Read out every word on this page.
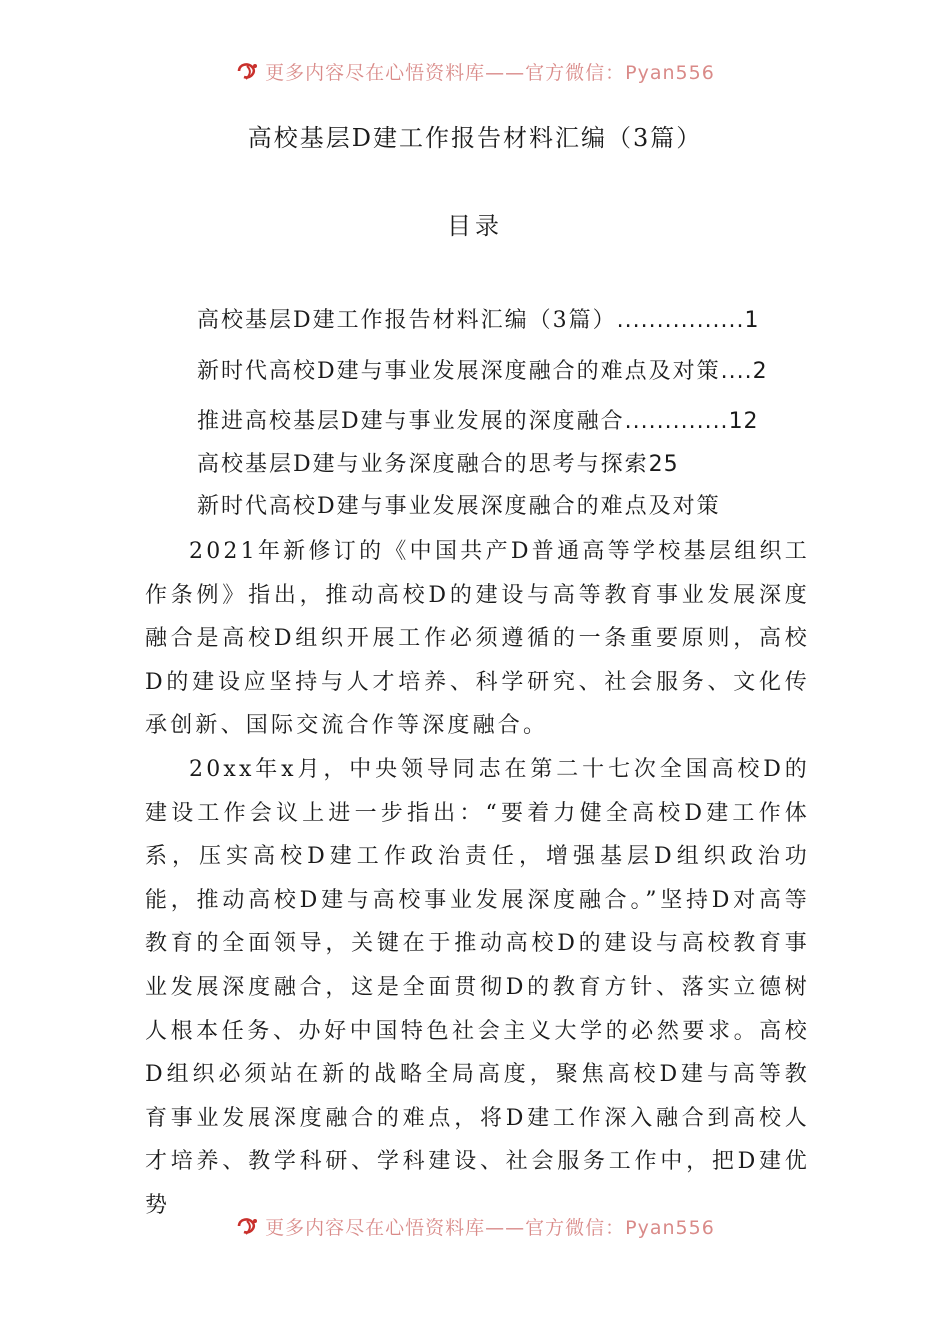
更多内容尽在心悟资料库——官方微信：Pyan556
高校基层D建工作报告材料汇编（3篇）
目录
高校基层D建工作报告材料汇编（3篇）................1
新时代高校D建与事业发展深度融合的难点及对策....2
推进高校基层D建与事业发展的深度融合.............12
高校基层D建与业务深度融合的思考与探索25
新时代高校D建与事业发展深度融合的难点及对策

2021年新修订的《中国共产D普通高等学校基层组织工作条例》指出，推动高校D的建设与高等教育事业发展深度融合是高校D组织开展工作必须遵循的一条重要原则，高校D的建设应坚持与人才培养、科学研究、社会服务、文化传承创新、国际交流合作等深度融合。

20xx年x月，中央领导同志在第二十七次全国高校D的建设工作会议上进一步指出：“要着力健全高校D建工作体系，压实高校D建工作政治责任，增强基层D组织政治功能，推动高校D建与高校事业发展深度融合。”坚持D对高等教育的全面领导，关键在于推动高校D的建设与高校教育事业发展深度融合，这是全面贯彻D的教育方针、落实立德树人根本任务、办好中国特色社会主义大学的必然要求。高校D组织必须站在新的战略全局高度，聚焦高校D建与高等教育事业发展深度融合的难点，将D建工作深入融合到高校人才培养、教学科研、学科建设、社会服务工作中，把D建优势

更多内容尽在心悟资料库——官方微信：Pyan556
